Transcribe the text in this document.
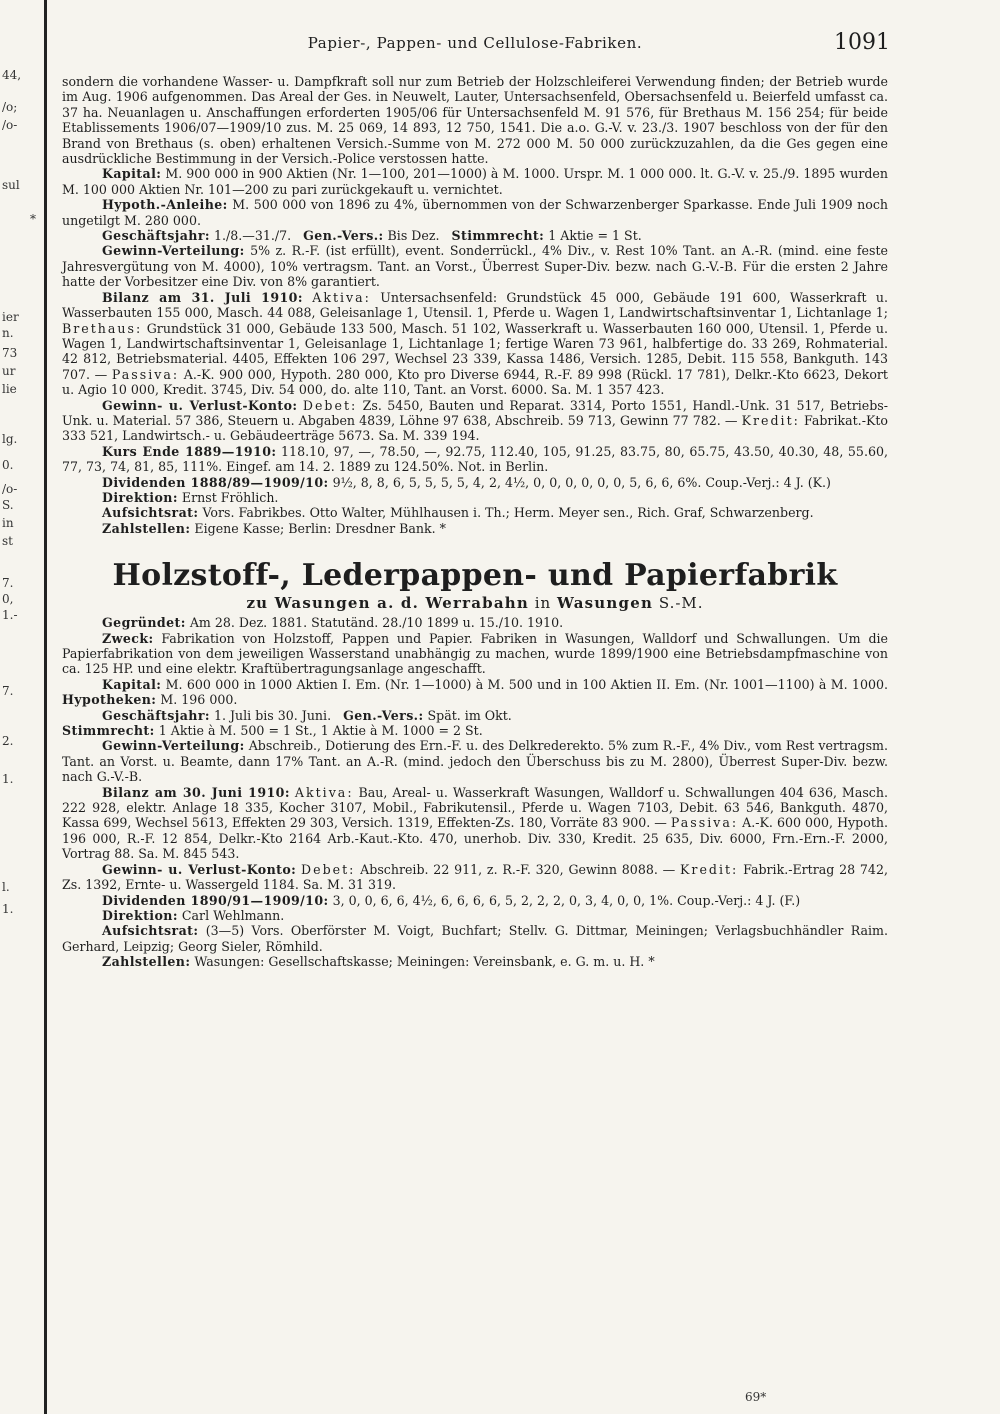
44,
/o;
/o-
sul
*
ier
n.
73
ur
lie
lg.
0.
/o-
S.
in
st
7.
0,
1.-
7.
2.
1.
l.
1.
Papier-, Pappen- und Cellulose-Fabriken.	1091

sondern die vorhandene Wasser- u. Dampfkraft soll nur zum Betrieb der Holzschleiferei Verwendung finden; der Betrieb wurde im Aug. 1906 aufgenommen. Das Areal der Ges. in Neuwelt, Lauter, Untersachsenfeld, Obersachsenfeld u. Beierfeld umfasst ca. 37 ha. Neuanlagen u. Anschaffungen erforderten 1905/06 für Untersachsenfeld M. 91 576, für Brethaus M. 156 254; für beide Etablissements 1906/07—1909/10 zus. M. 25 069, 14 893, 12 750, 1541. Die a.o. G.-V. v. 23./3. 1907 beschloss von der für den Brand von Brethaus (s. oben) erhaltenen Versich.-Summe von M. 272 000 M. 50 000 zurückzuzahlen, da die Ges gegen eine ausdrückliche Bestimmung in der Versich.-Police verstossen hatte.

Kapital: M. 900 000 in 900 Aktien (Nr. 1—100, 201—1000) à M. 1000. Urspr. M. 1 000 000. lt. G.-V. v. 25./9. 1895 wurden M. 100 000 Aktien Nr. 101—200 zu pari zurückgekauft u. vernichtet.

Hypoth.-Anleihe: M. 500 000 von 1896 zu 4%, übernommen von der Schwarzenberger Sparkasse. Ende Juli 1909 noch ungetilgt M. 280 000.

Geschäftsjahr: 1./8.—31./7. Gen.-Vers.: Bis Dez. Stimmrecht: 1 Aktie = 1 St.

Gewinn-Verteilung: 5% z. R.-F. (ist erfüllt), event. Sonderrückl., 4% Div., v. Rest 10% Tant. an A.-R. (mind. eine feste Jahresvergütung von M. 4000), 10% vertragsm. Tant. an Vorst., Überrest Super-Div. bezw. nach G.-V.-B. Für die ersten 2 Jahre hatte der Vorbesitzer eine Div. von 8% garantiert.

Bilanz am 31. Juli 1910: Aktiva: Untersachsenfeld: Grundstück 45 000, Gebäude 191 600, Wasserkraft u. Wasserbauten 155 000, Masch. 44 088, Geleisanlage 1, Utensil. 1, Pferde u. Wagen 1, Landwirtschaftsinventar 1, Lichtanlage 1; Brethaus: Grundstück 31 000, Gebäude 133 500, Masch. 51 102, Wasserkraft u. Wasserbauten 160 000, Utensil. 1, Pferde u. Wagen 1, Landwirtschaftsinventar 1, Geleisanlage 1, Lichtanlage 1; fertige Waren 73 961, halbfertige do. 33 269, Rohmaterial. 42 812, Betriebsmaterial. 4405, Effekten 106 297, Wechsel 23 339, Kassa 1486, Versich. 1285, Debit. 115 558, Bankguth. 143 707. — Passiva: A.-K. 900 000, Hypoth. 280 000, Kto pro Diverse 6944, R.-F. 89 998 (Rückl. 17 781), Delkr.-Kto 6623, Dekort u. Agio 10 000, Kredit. 3745, Div. 54 000, do. alte 110, Tant. an Vorst. 6000. Sa. M. 1 357 423.

Gewinn- u. Verlust-Konto: Debet: Zs. 5450, Bauten und Reparat. 3314, Porto 1551, Handl.-Unk. 31 517, Betriebs-Unk. u. Material. 57 386, Steuern u. Abgaben 4839, Löhne 97 638, Abschreib. 59 713, Gewinn 77 782. — Kredit: Fabrikat.-Kto 333 521, Landwirtsch.- u. Gebäudeerträge 5673. Sa. M. 339 194.

Kurs Ende 1889—1910: 118.10, 97, —, 78.50, —, 92.75, 112.40, 105, 91.25, 83.75, 80, 65.75, 43.50, 40.30, 48, 55.60, 77, 73, 74, 81, 85, 111%. Eingef. am 14. 2. 1889 zu 124.50%. Not. in Berlin.

Dividenden 1888/89—1909/10: 9½, 8, 8, 6, 5, 5, 5, 5, 4, 2, 4½, 0, 0, 0, 0, 0, 0, 5, 6, 6, 6%. Coup.-Verj.: 4 J. (K.)

Direktion: Ernst Fröhlich.

Aufsichtsrat: Vors. Fabrikbes. Otto Walter, Mühlhausen i. Th.; Herm. Meyer sen., Rich. Graf, Schwarzenberg.

Zahlstellen: Eigene Kasse; Berlin: Dresdner Bank. *

Holzstoff-, Lederpappen- und Papierfabrik
zu Wasungen a. d. Werrabahn in Wasungen S.-M.

Gegründet: Am 28. Dez. 1881. Statutänd. 28./10 1899 u. 15./10. 1910.

Zweck: Fabrikation von Holzstoff, Pappen und Papier. Fabriken in Wasungen, Walldorf und Schwallungen. Um die Papierfabrikation von dem jeweiligen Wasserstand unabhängig zu machen, wurde 1899/1900 eine Betriebsdampfmaschine von ca. 125 HP. und eine elektr. Kraftübertragungsanlage angeschafft.

Kapital: M. 600 000 in 1000 Aktien I. Em. (Nr. 1—1000) à M. 500 und in 100 Aktien II. Em. (Nr. 1001—1100) à M. 1000. Hypotheken: M. 196 000.

Geschäftsjahr: 1. Juli bis 30. Juni. Gen.-Vers.: Spät. im Okt.

Stimmrecht: 1 Aktie à M. 500 = 1 St., 1 Aktie à M. 1000 = 2 St.

Gewinn-Verteilung: Abschreib., Dotierung des Ern.-F. u. des Delkrederekto. 5% zum R.-F., 4% Div., vom Rest vertragsm. Tant. an Vorst. u. Beamte, dann 17% Tant. an A.-R. (mind. jedoch den Überschuss bis zu M. 2800), Überrest Super-Div. bezw. nach G.-V.-B.

Bilanz am 30. Juni 1910: Aktiva: Bau, Areal- u. Wasserkraft Wasungen, Walldorf u. Schwallungen 404 636, Masch. 222 928, elektr. Anlage 18 335, Kocher 3107, Mobil., Fabrikutensil., Pferde u. Wagen 7103, Debit. 63 546, Bankguth. 4870, Kassa 699, Wechsel 5613, Effekten 29 303, Versich. 1319, Effekten-Zs. 180, Vorräte 83 900. — Passiva: A.-K. 600 000, Hypoth. 196 000, R.-F. 12 854, Delkr.-Kto 2164 Arb.-Kaut.-Kto. 470, unerhob. Div. 330, Kredit. 25 635, Div. 6000, Frn.-Ern.-F. 2000, Vortrag 88. Sa. M. 845 543.

Gewinn- u. Verlust-Konto: Debet: Abschreib. 22 911, z. R.-F. 320, Gewinn 8088. — Kredit: Fabrik.-Ertrag 28 742, Zs. 1392, Ernte- u. Wassergeld 1184. Sa. M. 31 319.

Dividenden 1890/91—1909/10: 3, 0, 0, 6, 6, 4½, 6, 6, 6, 6, 5, 2, 2, 2, 0, 3, 4, 0, 0, 1%. Coup.-Verj.: 4 J. (F.)

Direktion: Carl Wehlmann.

Aufsichtsrat: (3—5) Vors. Oberförster M. Voigt, Buchfart; Stellv. G. Dittmar, Meiningen; Verlagsbuchhändler Raim. Gerhard, Leipzig; Georg Sieler, Römhild.

Zahlstellen: Wasungen: Gesellschaftskasse; Meiningen: Vereinsbank, e. G. m. u. H. *

69*
